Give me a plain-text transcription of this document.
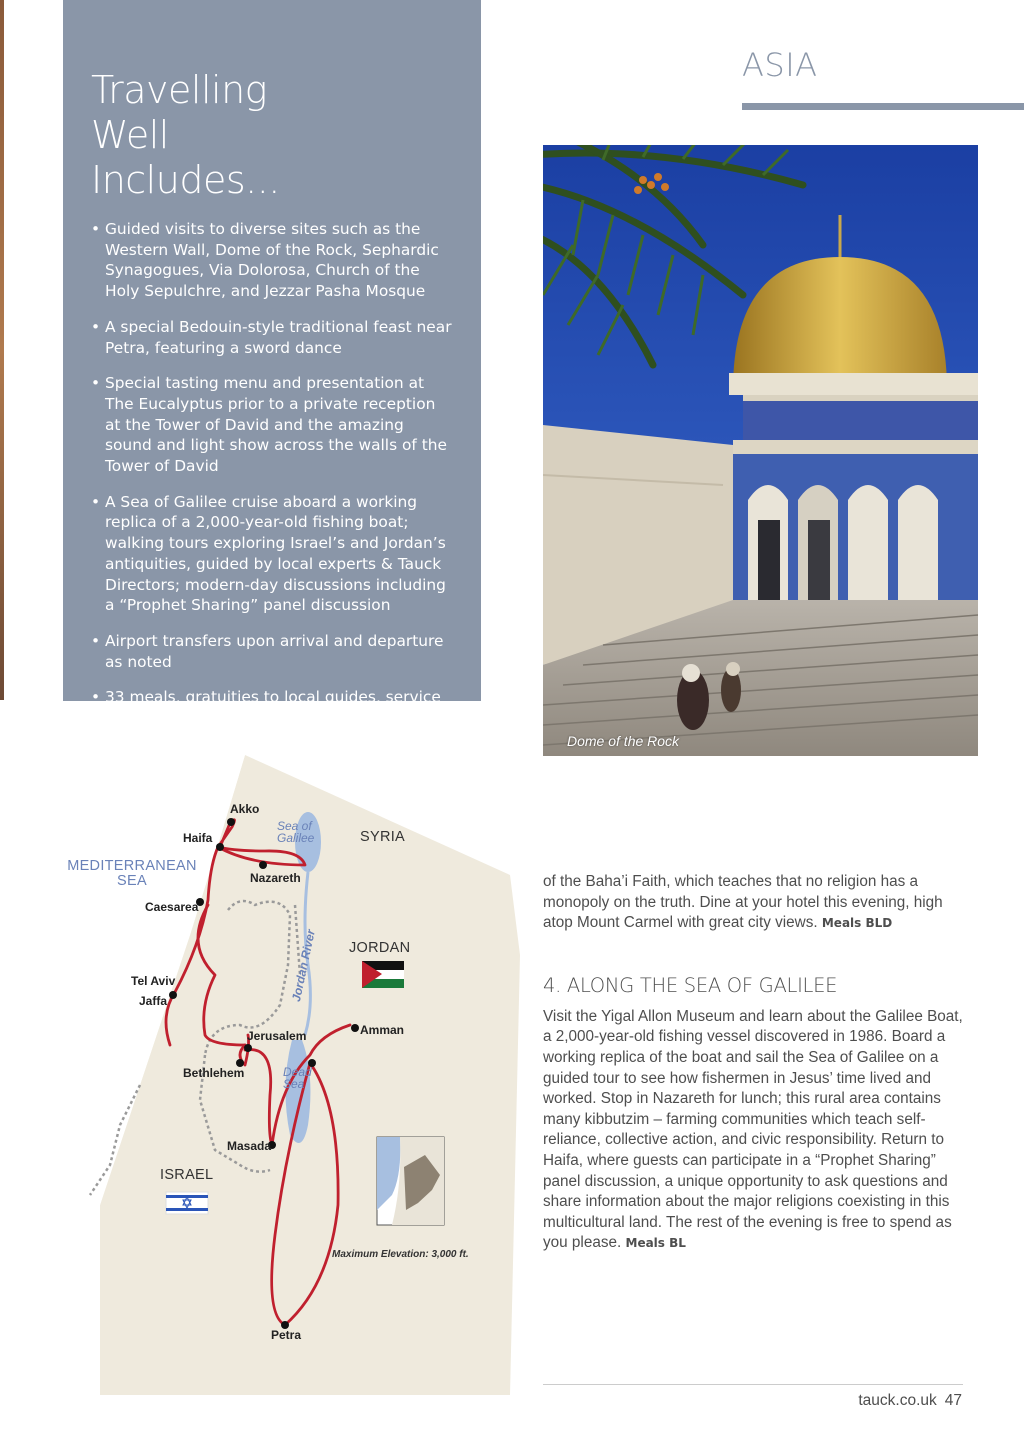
Travelling Well
Includes...
• Guided visits to diverse sites such as the Western Wall, Dome of the Rock, Sephardic Synagogues, Via Dolorosa, Church of the Holy Sepulchre, and Jezzar Pasha Mosque
• A special Bedouin-style traditional feast near Petra, featuring a sword dance
• Special tasting menu and presentation at The Eucalyptus prior to a private reception at the Tower of David and the amazing sound and light show across the walls of the Tower of David
• A Sea of Galilee cruise aboard a working replica of a 2,000-year-old fishing boat; walking tours exploring Israel’s and Jordan’s antiquities, guided by local experts & Tauck Directors; modern-day discussions including a “Prophet Sharing” panel discussion
• Airport transfers upon arrival and departure as noted
• 33 meals, gratuities to local guides, service charges, admission fees, taxes and porterage
ASIA
Dome of the Rock
Akko
Haifa
Nazareth
Caesarea
Tel Aviv
Jaffa
Jerusalem
Bethlehem
Amman
Masada
Petra
SYRIA
JORDAN
ISRAEL
MEDITERRANEAN
SEA
Sea of
Galilee
Dead
Sea
Jordan River
Maximum Elevation: 3,000 ft.

of the Baha’i Faith, which teaches that no religion has a monopoly on the truth. Dine at your hotel this evening, high atop Mount Carmel with great city views. Meals BLD

4. ALONG THE SEA OF GALILEE

Visit the Yigal Allon Museum and learn about the Galilee Boat, a 2,000-year-old fishing vessel discovered in 1986. Board a working replica of the boat and sail the Sea of Galilee on a guided tour to see how fishermen in Jesus’ time lived and worked. Stop in Nazareth for lunch; this rural area contains many kibbutzim – farming communities which teach self-reliance, collective action, and civic responsibility. Return to Haifa, where guests can participate in a “Prophet Sharing” panel discussion, a unique opportunity to ask questions and share information about the major religions coexisting in this multicultural land. The rest of the evening is free to spend as you please. Meals BL

tauck.co.uk 47
